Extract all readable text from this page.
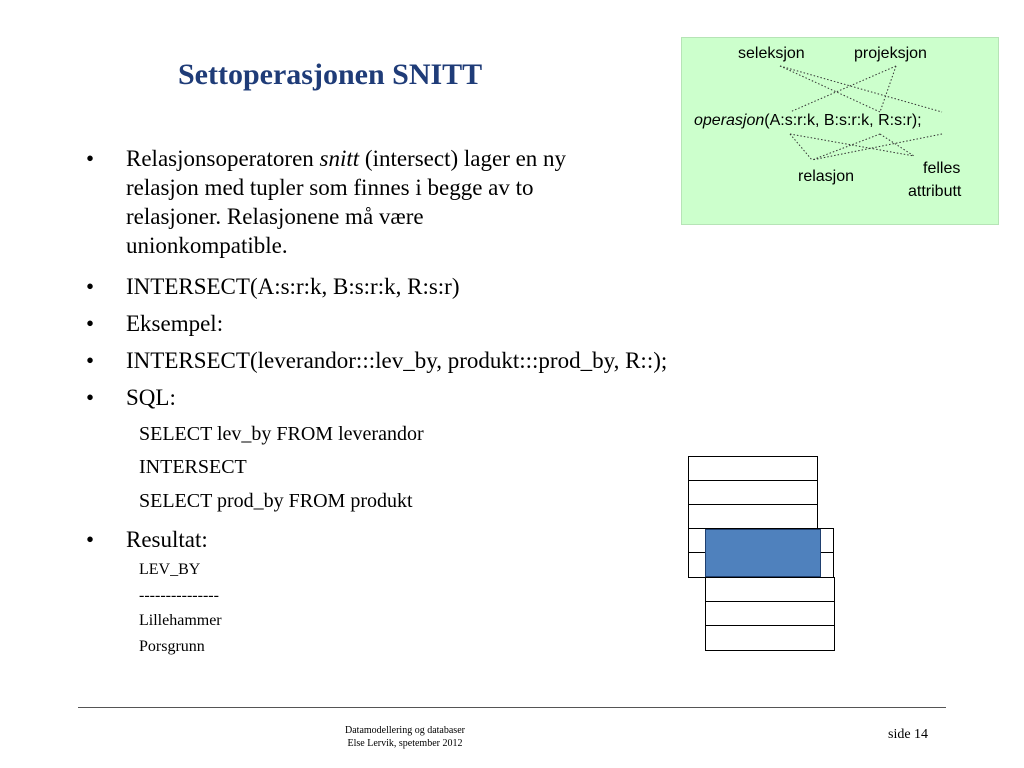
Settoperasjonen SNITT
• Relasjonsoperatoren snitt (intersect) lager en ny
relasjon med tupler som finnes i begge av to
relasjoner. Relasjonene må være
unionkompatible.
• INTERSECT(A:s:r:k, B:s:r:k, R:s:r)
• Eksempel:
• INTERSECT(leverandor:::lev_by, produkt:::prod_by, R::);
• SQL:
SELECT lev_by FROM leverandor
INTERSECT
SELECT prod_by FROM produkt
• Resultat:
LEV_BY
---------------
Lillehammer
Porsgrunn
seleksjon	projeksjon
operasjon(A:s:r:k, B:s:r:k, R:s:r);
relasjon	felles
attributt
Datamodellering og databaser
Else Lervik, spetember 2012
side 14
